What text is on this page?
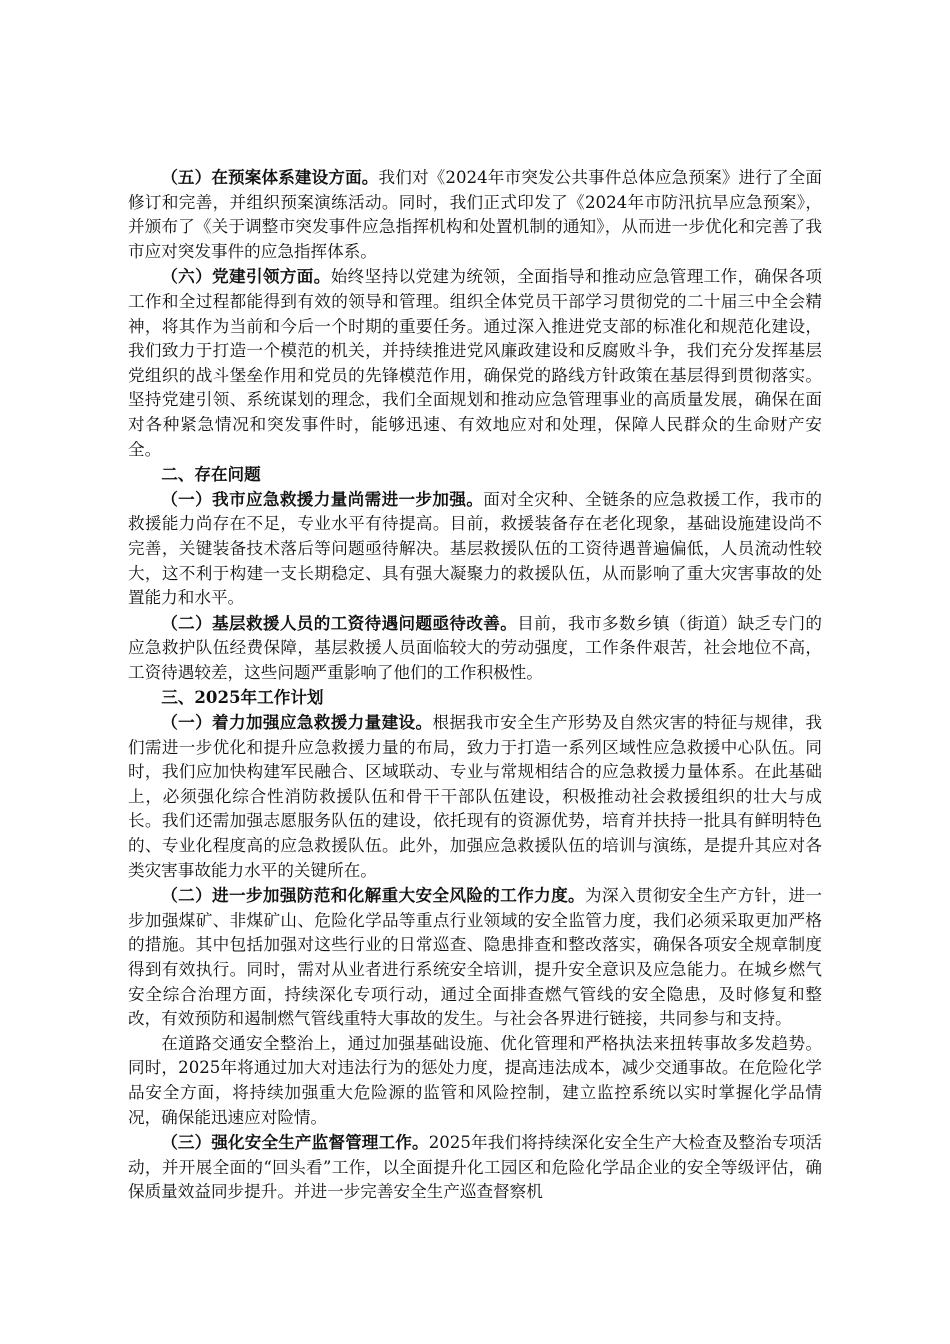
（五）在预案体系建设方面。我们对《2024年市突发公共事件总体应急预案》进行了全面修订和完善，并组织预案演练活动。同时，我们正式印发了《2024年市防汛抗旱应急预案》，并颁布了《关于调整市突发事件应急指挥机构和处置机制的通知》，从而进一步优化和完善了我市应对突发事件的应急指挥体系。

（六）党建引领方面。始终坚持以党建为统领，全面指导和推动应急管理工作，确保各项工作和全过程都能得到有效的领导和管理。组织全体党员干部学习贯彻党的二十届三中全会精神，将其作为当前和今后一个时期的重要任务。通过深入推进党支部的标准化和规范化建设，我们致力于打造一个模范的机关，并持续推进党风廉政建设和反腐败斗争，我们充分发挥基层党组织的战斗堡垒作用和党员的先锋模范作用，确保党的路线方针政策在基层得到贯彻落实。坚持党建引领、系统谋划的理念，我们全面规划和推动应急管理事业的高质量发展，确保在面对各种紧急情况和突发事件时，能够迅速、有效地应对和处理，保障人民群众的生命财产安全。

二、存在问题

（一）我市应急救援力量尚需进一步加强。面对全灾种、全链条的应急救援工作，我市的救援能力尚存在不足，专业水平有待提高。目前，救援装备存在老化现象，基础设施建设尚不完善，关键装备技术落后等问题亟待解决。基层救援队伍的工资待遇普遍偏低，人员流动性较大，这不利于构建一支长期稳定、具有强大凝聚力的救援队伍，从而影响了重大灾害事故的处置能力和水平。

（二）基层救援人员的工资待遇问题亟待改善。目前，我市多数乡镇（街道）缺乏专门的应急救护队伍经费保障，基层救援人员面临较大的劳动强度，工作条件艰苦，社会地位不高，工资待遇较差，这些问题严重影响了他们的工作积极性。

三、2025年工作计划

（一）着力加强应急救援力量建设。根据我市安全生产形势及自然灾害的特征与规律，我们需进一步优化和提升应急救援力量的布局，致力于打造一系列区域性应急救援中心队伍。同时，我们应加快构建军民融合、区域联动、专业与常规相结合的应急救援力量体系。在此基础上，必须强化综合性消防救援队伍和骨干干部队伍建设，积极推动社会救援组织的壮大与成长。我们还需加强志愿服务队伍的建设，依托现有的资源优势，培育并扶持一批具有鲜明特色的、专业化程度高的应急救援队伍。此外，加强应急救援队伍的培训与演练，是提升其应对各类灾害事故能力水平的关键所在。

（二）进一步加强防范和化解重大安全风险的工作力度。为深入贯彻安全生产方针，进一步加强煤矿、非煤矿山、危险化学品等重点行业领域的安全监管力度，我们必须采取更加严格的措施。其中包括加强对这些行业的日常巡查、隐患排查和整改落实，确保各项安全规章制度得到有效执行。同时，需对从业者进行系统安全培训，提升安全意识及应急能力。在城乡燃气安全综合治理方面，持续深化专项行动，通过全面排查燃气管线的安全隐患，及时修复和整改，有效预防和遏制燃气管线重特大事故的发生。与社会各界进行链接，共同参与和支持。

在道路交通安全整治上，通过加强基础设施、优化管理和严格执法来扭转事故多发趋势。同时，2025年将通过加大对违法行为的惩处力度，提高违法成本，减少交通事故。在危险化学品安全方面，将持续加强重大危险源的监管和风险控制，建立监控系统以实时掌握化学品情况，确保能迅速应对险情。

（三）强化安全生产监督管理工作。2025年我们将持续深化安全生产大检查及整治专项活动，并开展全面的“回头看”工作，以全面提升化工园区和危险化学品企业的安全等级评估，确保质量效益同步提升。并进一步完善安全生产巡查督察机
